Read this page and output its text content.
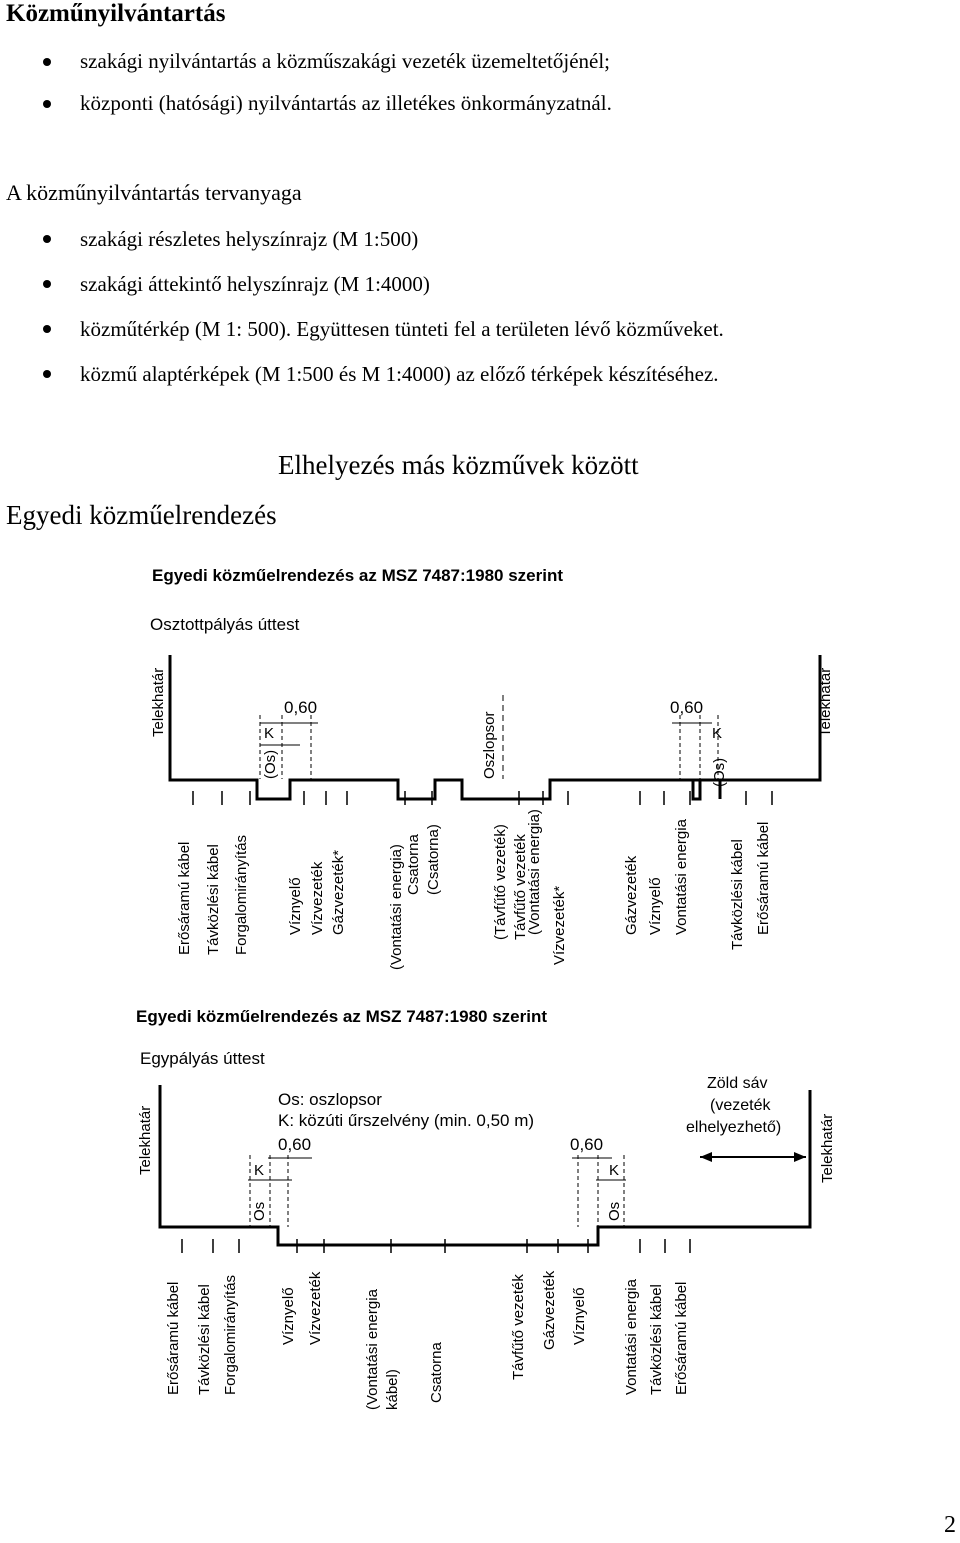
Közműnyilvántartás
szakági nyilvántartás a közműszakági vezeték üzemeltetőjénél;
központi (hatósági) nyilvántartás az illetékes önkormányzatnál.
A közműnyilvántartás tervanyaga
szakági részletes helyszínrajz (M 1:500)
szakági áttekintő helyszínrajz (M 1:4000)
közműtérkép (M 1: 500). Együttesen tünteti fel a területen lévő közműveket.
közmű alaptérképek (M 1:500 és M 1:4000) az előző térképek készítéséhez.
Elhelyezés más közművek között
Egyedi közműelrendezés
Egyedi közműelrendezés az MSZ 7487:1980 szerint
Osztottpályás úttest
Telekhatár	0,60
K
(Os)	Oszlopsor
0,60
K
(Os)
Telekhatár
Erősáramú kábel Távközlési kábel Forgalomirányítás Víznyelő Vízvezeték Gázvezeték*	(Vontatási energia) Csatorna (Csatorna)	(Távfűtő vezeték) Távfűtő vezeték
(Vontatási energia) Vízvezeték*	Gázvezeték Víznyelő Vontatási energia	Távközlési kábel Erősáramú kábel
Egyedi közműelrendezés az MSZ 7487:1980 szerint
Egypályás úttest
Os: oszlopsor
K: közúti űrszelvény (min. 0,50 m)
Telekhatár	0,60
K
Os
0,60
K
Os
Zöld sáv
(vezeték
elhelyezhető)	Telekhatár
Erősáramú kábel Távközlési kábel Forgalomirányítás	Víznyelő Vízvezeték	(Vontatási energia kábel) Csatorna	Távfűtő vezeték Gázvezeték Víznyelő Vontatási energia Távközlési kábel Erősáramú kábel
2
